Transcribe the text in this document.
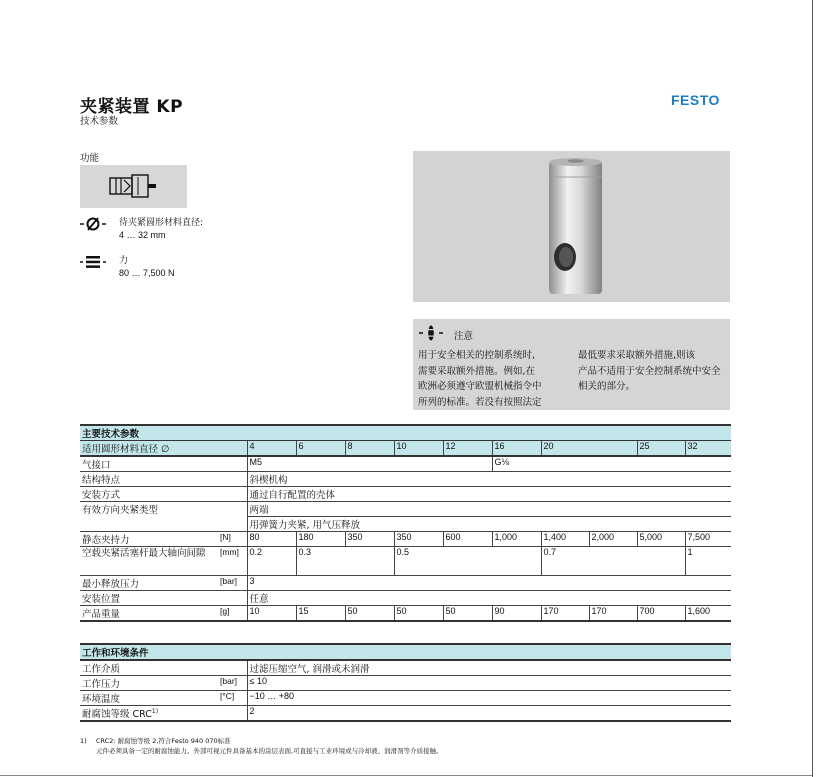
夹紧装置 KP
技术参数
FESTO
功能
待夹紧圆形材料直径:
4 … 32 mm
力
80 … 7,500 N
注意
用于安全相关的控制系统时,
需要采取额外措施。例如,在
欧洲必须遵守欧盟机械指令中
所列的标准。若没有按照法定
最低要求采取额外措施,则该
产品不适用于安全控制系统中安全
相关的部分。
主要技术参数											
适用圆形材料直径 ∅		4	6	8	10	12	16	20		25	32
气接口		M5					G⅛				
结构特点		斜楔机构									
安装方式		通过自行配置的壳体									
有效方向夹紧类型		两端									
		用弹簧力夹紧, 用气压释放									
静态夹持力	[N]	80	180	350	350	600	1,000	1,400	2,000	5,000	7,500
空载夹紧活塞杆最大轴向间隙	[mm]	0.2	0.3		0.5			0.7			1
最小释放压力	[bar]	3									
安装位置		任意									
产品重量	[g]	10	15	50	50	50	90	170	170	700	1,600
工作和环境条件		
工作介质		过滤压缩空气, 润滑或未润滑
工作压力	[bar]	≤ 10
环境温度	[°C]	−10 … +80
耐腐蚀等级 CRC$^{1)}$		2
1) CRC2: 耐腐蚀等级 2,符合Festo 940 070标准
元件必须具备一定的耐腐蚀能力。外部可视元件具备基本的涂层表面,可直接与工业环境或与冷却液、润滑剂等介质接触。
